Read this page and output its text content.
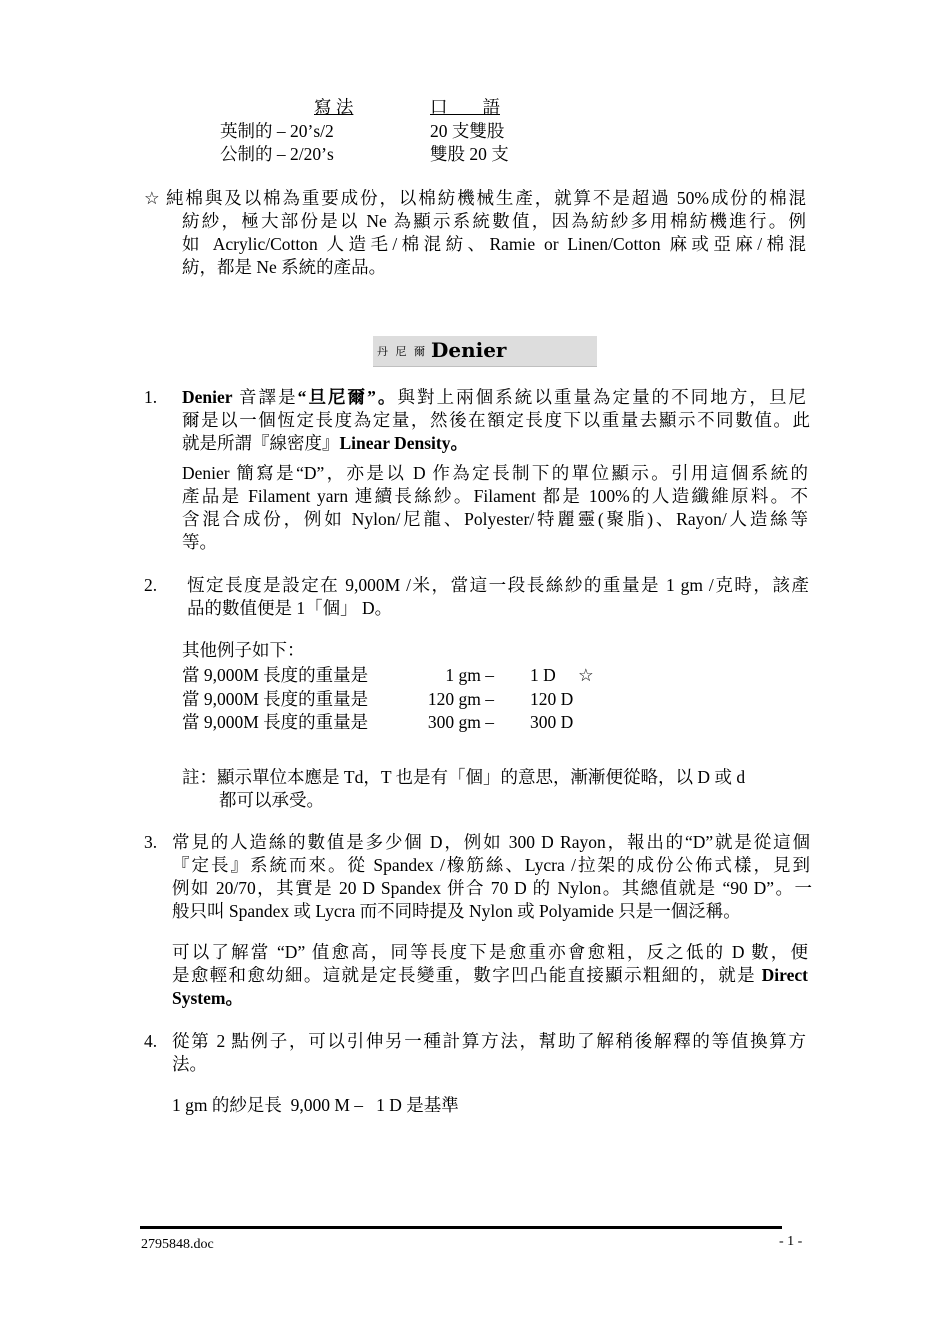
寫 法	口　　語
英制的 – 20’s/2	20 支雙股
公制的 – 2/20’s	雙股 20 支
☆ 純棉與及以棉為重要成份，以棉紡機械生產，就算不是超過 50%成份的棉混
紡紗，極大部份是以 Ne 為顯示系統數值，因為紡紗多用棉紡機進行。例
如 Acrylic/Cotton 人造毛/棉混紡、Ramie or Linen/Cotton 麻或亞麻/棉混
紡，都是 Ne 系統的產品。
丹 尼 爾 Denier
1. Denier 音譯是“旦尼爾”。與對上兩個系統以重量為定量的不同地方，旦尼
爾是以一個恆定長度為定量，然後在額定長度下以重量去顯示不同數值。此
就是所謂『線密度』Linear Density。
Denier 簡寫是“D”，亦是以 D 作為定長制下的單位顯示。引用這個系統的
產品是 Filament yarn 連續長絲紗。Filament 都是 100%的人造纖維原料。不
含混合成份，例如 Nylon/尼龍、Polyester/特麗靈(聚脂)、Rayon/人造絲等
等。
2. 恆定長度是設定在 9,000M /米，當這一段長絲紗的重量是 1 gm /克時，該產
品的數值便是 1「個」 D。
其他例子如下：
當 9,000M 長度的重量是	1 gm – 1 D ☆
當 9,000M 長度的重量是	120 gm – 120 D
當 9,000M 長度的重量是	300 gm – 300 D
註：顯示單位本應是 Td，T 也是有「個」的意思，漸漸便從略，以 D 或 d
都可以承受。
3. 常見的人造絲的數值是多少個 D，例如 300 D Rayon，報出的“D”就是從這個
『定長』系統而來。從 Spandex /橡筋絲、Lycra /拉架的成份公佈式樣，見到
例如 20/70，其實是 20 D Spandex 併合 70 D 的 Nylon。其總值就是 “90 D”。一
般只叫 Spandex 或 Lycra 而不同時提及 Nylon 或 Polyamide 只是一個泛稱。
可以了解當 “D” 值愈高，同等長度下是愈重亦會愈粗，反之低的 D 數，便
是愈輕和愈幼細。這就是定長變重，數字凹凸能直接顯示粗細的，就是 Direct
System。
4. 從第 2 點例子，可以引伸另一種計算方法，幫助了解稍後解釋的等值換算方
法。
1 gm 的紗足長  9,000 M –   1 D 是基準
2795848.doc	- 1 -
